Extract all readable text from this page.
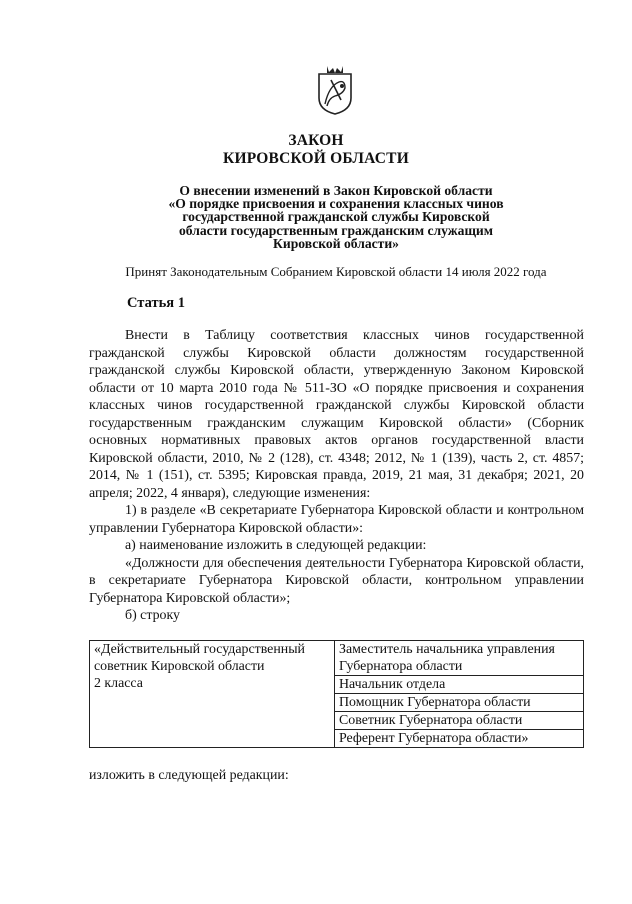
ЗАКОН
КИРОВСКОЙ ОБЛАСТИ
О внесении изменений в Закон Кировской области
«О порядке присвоения и сохранения классных чинов
государственной гражданской службы Кировской
области государственным гражданским служащим
Кировской области»
Принят Законодательным Собранием Кировской области 14 июля 2022 года
Статья 1

Внести в Таблицу соответствия классных чинов государственной гражданской службы Кировской области должностям государственной гражданской службы Кировской области, утвержденную Законом Кировской области от 10 марта 2010 года № 511-ЗО «О порядке присвоения и сохранения классных чинов государственной гражданской службы Кировской области государственным гражданским служащим Кировской области» (Сборник основных нормативных правовых актов органов государственной власти Кировской области, 2010, № 2 (128), ст. 4348; 2012, № 1 (139), часть 2, ст. 4857; 2014, № 1 (151), ст. 5395; Кировская правда, 2019, 21 мая, 31 декабря; 2021, 20 апреля; 2022, 4 января), следующие изменения:

1) в разделе «В секретариате Губернатора Кировской области и контрольном управлении Губернатора Кировской области»:

а) наименование изложить в следующей редакции:

«Должности для обеспечения деятельности Губернатора Кировской области, в секретариате Губернатора Кировской области, контрольном управлении Губернатора Кировской области»;

б) строку

«Действительный государственный
советник Кировской области
2 класса
	Заместитель начальника управления Губернатора области
Начальник отдела
Помощник Губернатора области
Советник Губернатора области
Референт Губернатора области»
изложить в следующей редакции:
